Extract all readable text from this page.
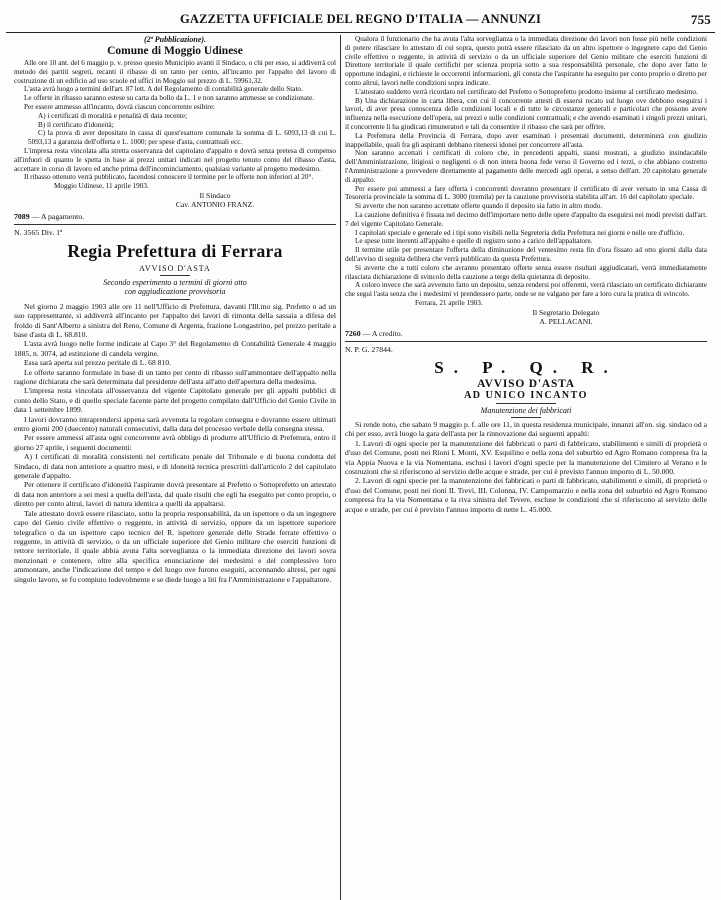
GAZZETTA UFFICIALE DEL REGNO D'ITALIA — ANNUNZI	755
(2ª Pubblicazione).
Comune di Moggio Udinese

Alle ore 10 ant. del 6 maggio p. v. presso questo Municipio avanti il Sindaco, o chi per esso, si addiverrà col metodo dei partiti segreti, recanti il ribasso di un tanto per cento, all'incanto per l'appalto del lavoro di costruzione di un edificio ad uso scuole ed uffici in Moggio sul prezzo di L. 59961,32.

L'asta avrà luogo a termini dell'art. 87 lett. A del Regolamento di contabilità generale dello Stato.

Le offerte in ribasso saranno estese su carta da bollo da L. 1 e non saranno ammesse se condizionate.

Per essere ammesso all'incanto, dovrà ciascun concorrente esibire:

A) i certificati di moralità e penalità di data recente;

B) il certificato d'idoneità;

C) la prova di aver depositato in cassa di quest'esattore comunale la somma di L. 6093,13 di cui L. 5093,13 a garanzia dell'offerta e L. 1000; per spese d'asta, contrattuali ecc.

L'impresa resta vincolata alla stretta osservanza del capitolato d'appalto e dovrà senza pretesa di compenso all'infuori di quanto le spetta in base ai prezzi unitari indicati nel progetto tenuto conto del ribasso d'asta, accettare in corso di lavoro ed anche prima dell'incominciamento, qualsiasi variante al progetto medesimo.

Il ribasso ottenuto verrà pubblicato, facendosi conoscere il termine per le offerte non inferiori al 20°.

Moggio Udinese, 11 aprile 1903.

Il Sindaco
Cav. ANTONIO FRANZ.
7089 — A pagamento.
N. 3565 Div. 1ª
Regia Prefettura di Ferrara
AVVISO D'ASTA
Secondo esperimento a termini di giorni otto
con aggiudicazione provvisoria

Nel giorno 2 maggio 1903 alle ore 11 nell'Ufficio di Prefettura, davanti l'Ill.mo sig. Prefetto o ad un suo rappresentante, si addiverrà all'incanto per l'appalto dei lavori di rimonta della sassaia a difesa del froldo di Sant'Alberto a sinistra del Reno, Comune di Argenta, frazione Longastrino, pel prezzo peritale a base d'asta di L. 68.810.

L'asta avrà luogo nelle forme indicate al Capo 3° del Regolamento di Contabilità Generale 4 maggio 1885, n. 3074, ad estinzione di candela vergine.

Essa sarà aperta sul prezzo peritale di L. 68 810.

Le offerte saranno formulate in base di un tanto per cento di ribasso sull'ammontare dell'appalto nella ragione dichiarata che sarà determinata dal presidente dell'asta all'atto dell'apertura della medesima.

L'impresa resta vincolata all'osservanza del vigente Capitolato generale per gli appalti pubblici di conto dello Stato, e di quello speciale facente parte del progetto compilato dall'Ufficio del Genio Civile in data 1 settembre 1899.

I lavori dovranno intraprendersi appena sarà avvenuta la regolare consegna e dovranno essere ultimati entro giorni 200 (duecento) naturali consecutivi, dalla data del processo verbale della consegna stessa.

Per essere ammessi all'asta ogni concorrente avrà obbligo di produrre all'Ufficio di Prefettura, entro il giorno 27 aprile, i seguenti documenti:

A) I certificati di moralità consistenti nel certificato penale del Tribunale e di buona condotta del Sindaco, di data non anteriore a quattro mesi, e di idoneità tecnica prescritti dall'articolo 2 del capitolato generale d'appalto.

Per ottenere il certificato d'idoneità l'aspirante dovrà presentare al Prefetto o Sottoprefetto un attestato di data non anteriore a sei mesi a quella dell'asta, dal quale risulti che egli ha eseguito per conto proprio, o diretto per conto altrui, lavori di natura identica a quelli da appaltarsi.

Tale attestato dovrà essere rilasciato, sotto la propria responsabilità, da un ispettore o da un ingegnere capo del Genio civile effettivo o reggente, in attività di servizio, oppure da un ispettore superiore telegrafico o da un ispettore capo tecnico del R. ispettore generale delle Strade ferrate effettivo o reggente, in attività di servizio, o da un ufficiale superiore del Genio militare che eserciti funzioni di rettore territoriale, il quale abbia avuta l'alta sorveglianza o la immediata direzione dei lavori sovra menzionati e contenere, oltre alla specifica enunciazione dei medesimi e del complessivo loro ammontare, anche l'indicazione del tempo e del luogo ove furono eseguiti, accennando altresì, per ogni singolo lavoro, se fu compiuto lodevolmente e se diede luogo a liti fra l'Amministrazione e l'appaltatore.

Qualora il funzionario che ha avuta l'alta sorveglianza o la immediata direzione dei lavori non fosse più nelle condizioni di potere rilasciare lo attestato di cui sopra, questo potrà essere rilasciato da un altro ispettore o ingegnere capo del Genio civile effettivo o reggente, in attività di servizio o da un ufficiale superiore del Genio militare che eserciti funzioni di Direttore territoriale il quale certifichi per scienza propria sotto a sua responsabilità personale, che dopo aver fatto le opportune indagini, e richieste le occorrenti informazioni, gli consta che l'aspirante ha eseguito per conto proprio o diretto per conto altrui, lavori nelle condizioni sopra indicate.

L'attestato suddetto verrà ricordato nel certificato del Prefetto o Sottoprefetto prodotto insieme al certificato medesimo.

B) Una dichiarazione in carta libera, con cui il concorrente attesti di essersi recato sul luogo ove debbono eseguirsi i lavori, di aver presa conoscenza delle condizioni locali e di tutte le circostanze generali e particolari che possono avere influenza nella esecuzione dell'opera, sui prezzi e sulle condizioni contrattuali; e che avendo esaminati i singoli prezzi unitari, il concorrente li ha giudicati rimuneratori e tali da consentire il ribasso che sarà per offrire.

La Prefettura della Provincia di Ferrara, dopo aver esaminati i presentati documenti, determinerà con giudizio inappellabile, quali fra gli aspiranti debbano ritenersi idonei per concorrere all'asta.

Non saranno accettati i certificati di coloro che, in precedenti appalti, siansi mostrati, a giudizio insindacabile dell'Amministrazione, litigiosi o negligenti o di non intera buona fede verso il Governo ed i terzi, o che abbiano costretto l'Amministrazione a provvedere direttamente al pagamento delle mercedi agli operai, a senso dell'art. 20 capitolato generale di appalto.

Per essere poi ammessi a fare offerta i concorrenti dovranno presentare il certificato di aver versato in una Cassa di Tesoreria provinciale la somma di L. 3000 (tremila) per la cauzione provvisoria stabilita all'art. 16 del capitolato speciale.

Si avverte che non saranno accettate offerte quando il deposito sia fatto in altro modo.

La cauzione definitiva è fissata nel decimo dell'importare netto delle opere d'appalto da eseguirsi nei modi previsti dall'art. 7 del vigente Capitolato Generale.

I capitolati speciale e generale ed i tipi sono visibili nella Segreteria della Prefettura nei giorni e nelle ore d'ufficio.

Le spese tutte inerenti all'appalto e quelle di registro sono a carico dell'appaltatore.

Il termine utile per presentare l'offerta della diminuzione del ventesimo resta fin d'ora fissato ad otto giorni dalla data dell'avviso di seguita delibera che verrà pubblicato da questa Prefettura.

Si avverte che a tutti coloro che avranno presentato offerte senza essere risultati aggiudicatari, verrà immediatamente rilasciata dichiarazione di svincolo della cauzione a tergo della quietanza di deposito.

A coloro invece che sarà avvenuto fatto un deposito, senza rendersi poi offerenti, verrà rilasciato un certificato dichiarante che seguì l'asta senza che i medesimi vi prendessero parte, onde se ne valgano per fare a loro cura la pratica di svincolo.

Ferrara, 21 aprile 1903.

Il Segretario Delegato
A. PELLACANI.
7260 — A credito.
N. P. G. 27844.
S. P. Q. R.
AVVISO D'ASTA
AD UNICO INCANTO
Manutenzione dei fabbricati

Si rende noto, che sabato 9 maggio p. f. alle ore 11, in questa residenza municipale, innanzi all'on. sig. sindaco od a chi per esso, avrà luogo la gara dell'asta per la rinnovazione dai seguenti appalti:

1. Lavori di ogni specie per la manutenzione dei fabbricati o parti di fabbricato, stabilimenti e simili di proprietà o d'uso del Comune, posti nei Rioni I. Monti, XV. Esquilino e nella zona del suburbio ed Agro Romano compresa fra la via Appia Nuova e la via Nomentana, esclusi i lavori d'ogni specie per la manutenzione del Cimitero al Verano e le costruzioni che si riferiscono al servizio delle acque e strade, per cui è previsto l'annuo importo di L. 50.000.

2. Lavori di ogni specie per la manutenzione dei fabbricati o parti di fabbricato, stabilimenti e simili, di proprietà o d'uso del Comune, posti nei rioni II. Trevi, III. Colonna, IV. Campomarzio e nella zona del suburbio ed Agro Romano compresa fra la via Nomentana e la riva sinistra del Tevere, escluse le condizioni che si riferiscono al servizio delle acque e strade, per cui è previsto l'annuo importo di nette L. 45.000.
